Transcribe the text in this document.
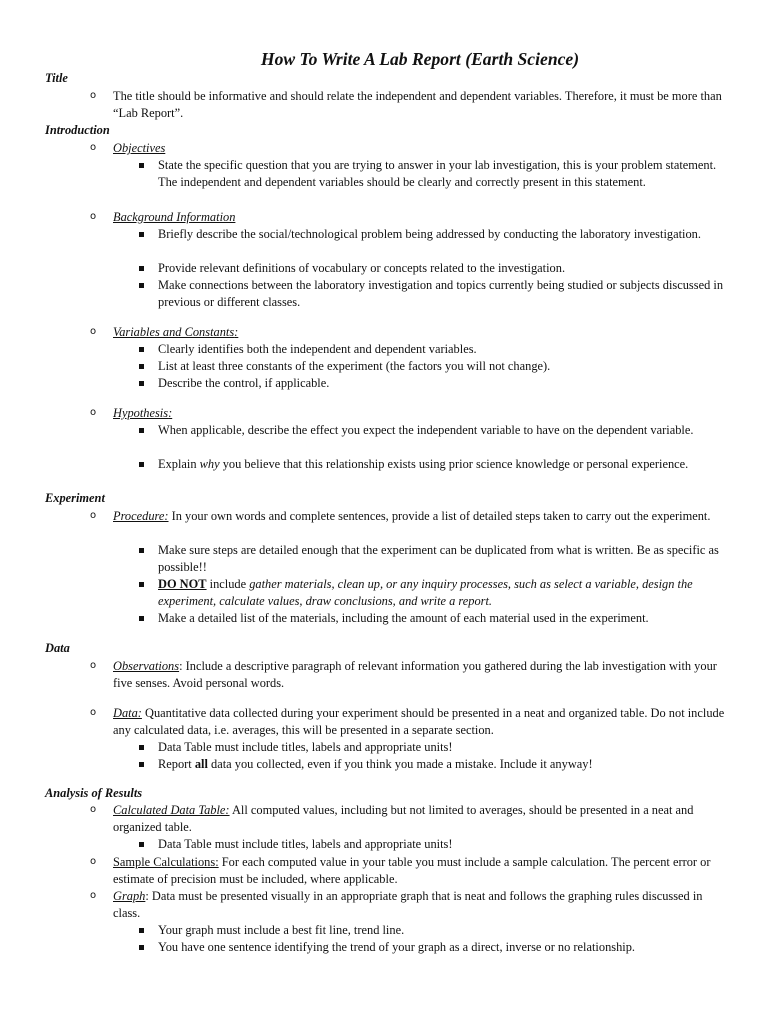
How To Write A Lab Report (Earth Science)
Title
o The title should be informative and should relate the independent and dependent variables. Therefore, it must be more than “Lab Report”.
Introduction
o Objectives
State the specific question that you are trying to answer in your lab investigation, this is your problem statement. The independent and dependent variables should be clearly and correctly present in this statement.
o Background Information
Briefly describe the social/technological problem being addressed by conducting the laboratory investigation.
Provide relevant definitions of vocabulary or concepts related to the investigation.
Make connections between the laboratory investigation and topics currently being studied or subjects discussed in previous or different classes.
o Variables and Constants:
Clearly identifies both the independent and dependent variables.
List at least three constants of the experiment (the factors you will not change).
Describe the control, if applicable.
o Hypothesis:
When applicable, describe the effect you expect the independent variable to have on the dependent variable.
Explain why you believe that this relationship exists using prior science knowledge or personal experience.
Experiment
o Procedure: In your own words and complete sentences, provide a list of detailed steps taken to carry out the experiment.
Make sure steps are detailed enough that the experiment can be duplicated from what is written. Be as specific as possible!!
DO NOT include gather materials, clean up, or any inquiry processes, such as select a variable, design the experiment, calculate values, draw conclusions, and write a report.
Make a detailed list of the materials, including the amount of each material used in the experiment.
Data
o Observations: Include a descriptive paragraph of relevant information you gathered during the lab investigation with your five senses. Avoid personal words.
o Data: Quantitative data collected during your experiment should be presented in a neat and organized table. Do not include any calculated data, i.e. averages, this will be presented in a separate section.
Data Table must include titles, labels and appropriate units!
Report all data you collected, even if you think you made a mistake. Include it anyway!
Analysis of Results
o Calculated Data Table: All computed values, including but not limited to averages, should be presented in a neat and organized table.
Data Table must include titles, labels and appropriate units!
o Sample Calculations: For each computed value in your table you must include a sample calculation. The percent error or estimate of precision must be included, where applicable.
o Graph: Data must be presented visually in an appropriate graph that is neat and follows the graphing rules discussed in class.
Your graph must include a best fit line, trend line.
You have one sentence identifying the trend of your graph as a direct, inverse or no relationship.
